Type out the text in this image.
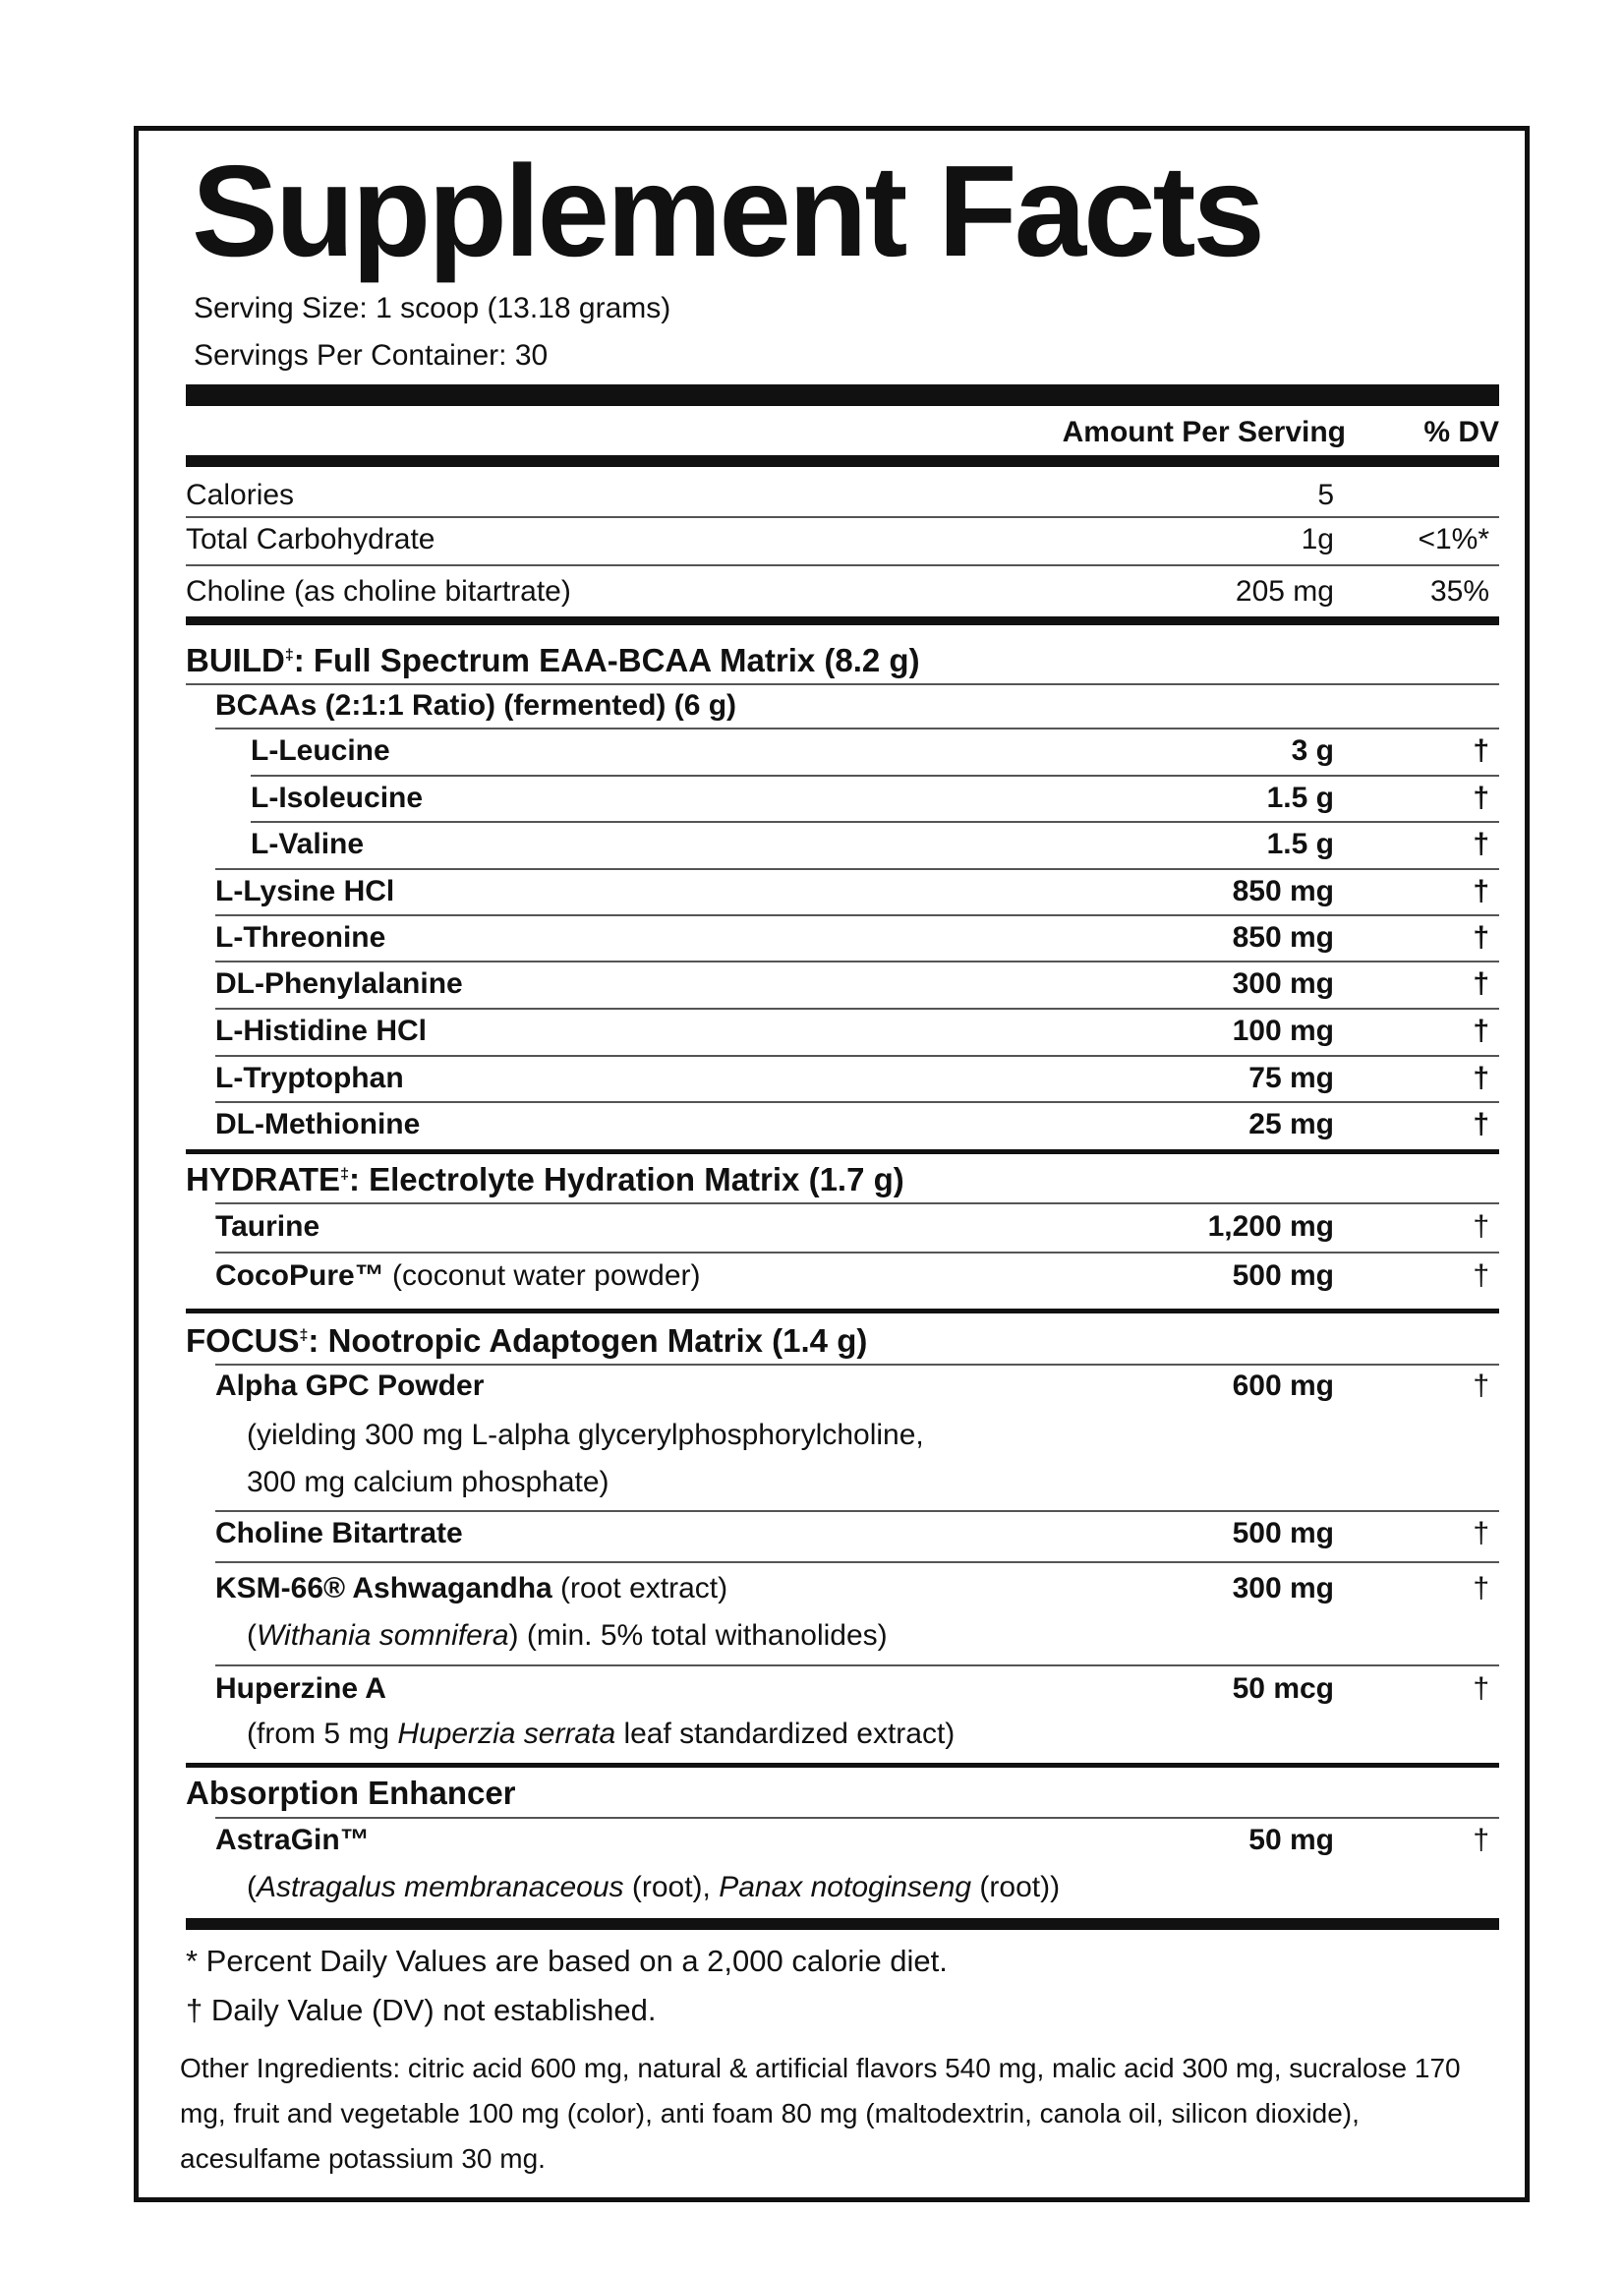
Supplement Facts
Serving Size: 1 scoop (13.18 grams)
Servings Per Container: 30
Amount Per Serving	% DV
Calories	5
Total Carbohydrate	1g	<1%*
Choline (as choline bitartrate)	205 mg	35%
BUILD‡: Full Spectrum EAA-BCAA Matrix (8.2 g)
BCAAs (2:1:1 Ratio) (fermented) (6 g)
L-Leucine	3 g	†
L-Isoleucine	1.5 g	†
L-Valine	1.5 g	†
L-Lysine HCl	850 mg	†
L-Threonine	850 mg	†
DL-Phenylalanine	300 mg	†
L-Histidine HCl	100 mg	†
L-Tryptophan	75 mg	†
DL-Methionine	25 mg	†
HYDRATE‡: Electrolyte Hydration Matrix (1.7 g)
Taurine	1,200 mg	†
CocoPure™ (coconut water powder)	500 mg	†
FOCUS‡: Nootropic Adaptogen Matrix (1.4 g)
Alpha GPC Powder	600 mg	†
(yielding 300 mg L-alpha glycerylphosphorylcholine,
300 mg calcium phosphate)
Choline Bitartrate	500 mg	†
KSM-66® Ashwagandha (root extract)	300 mg	†
(Withania somnifera) (min. 5% total withanolides)
Huperzine A	50 mcg	†
(from 5 mg Huperzia serrata leaf standardized extract)
Absorption Enhancer
AstraGin™	50 mg	†
(Astragalus membranaceous (root), Panax notoginseng (root))
* Percent Daily Values are based on a 2,000 calorie diet.
† Daily Value (DV) not established.
Other Ingredients: citric acid 600 mg, natural & artificial flavors 540 mg, malic acid 300 mg, sucralose 170 mg, fruit and vegetable 100 mg (color), anti foam 80 mg (maltodextrin, canola oil, silicon dioxide), acesulfame potassium 30 mg.
